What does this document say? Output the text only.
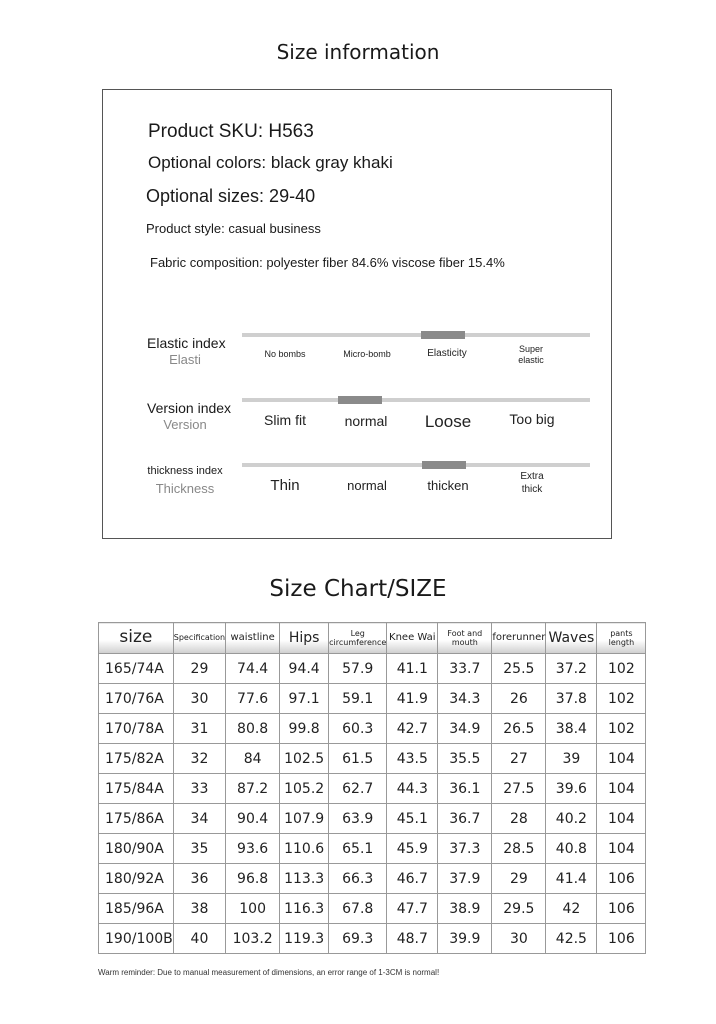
Size information
Product SKU: H563
Optional colors: black gray khaki
Optional sizes: 29-40
Product style: casual business
Fabric composition: polyester fiber 84.6% viscose fiber 15.4%
Elastic index
Elasti	No bombs	Micro-bomb	Elasticity	Super elastic
Version index
Version	Slim fit	normal	Loose	Too big
thickness index
Thickness	Thin	normal	thicken
Extra thick
Size Chart/SIZE
size	Specification	waistline	Hips	Leg circumference	Knee Wai	Foot and mouth	forerunner	Waves	pants length
165/74A	29	74.4	94.4	57.9	41.1	33.7	25.5	37.2	102
170/76A	30	77.6	97.1	59.1	41.9	34.3	26	37.8	102
170/78A	31	80.8	99.8	60.3	42.7	34.9	26.5	38.4	102
175/82A	32	84	102.5	61.5	43.5	35.5	27	39	104
175/84A	33	87.2	105.2	62.7	44.3	36.1	27.5	39.6	104
175/86A	34	90.4	107.9	63.9	45.1	36.7	28	40.2	104
180/90A	35	93.6	110.6	65.1	45.9	37.3	28.5	40.8	104
180/92A	36	96.8	113.3	66.3	46.7	37.9	29	41.4	106
185/96A	38	100	116.3	67.8	47.7	38.9	29.5	42	106
190/100B	40	103.2	119.3	69.3	48.7	39.9	30	42.5	106
Warm reminder: Due to manual measurement of dimensions, an error range of 1-3CM is normal!
